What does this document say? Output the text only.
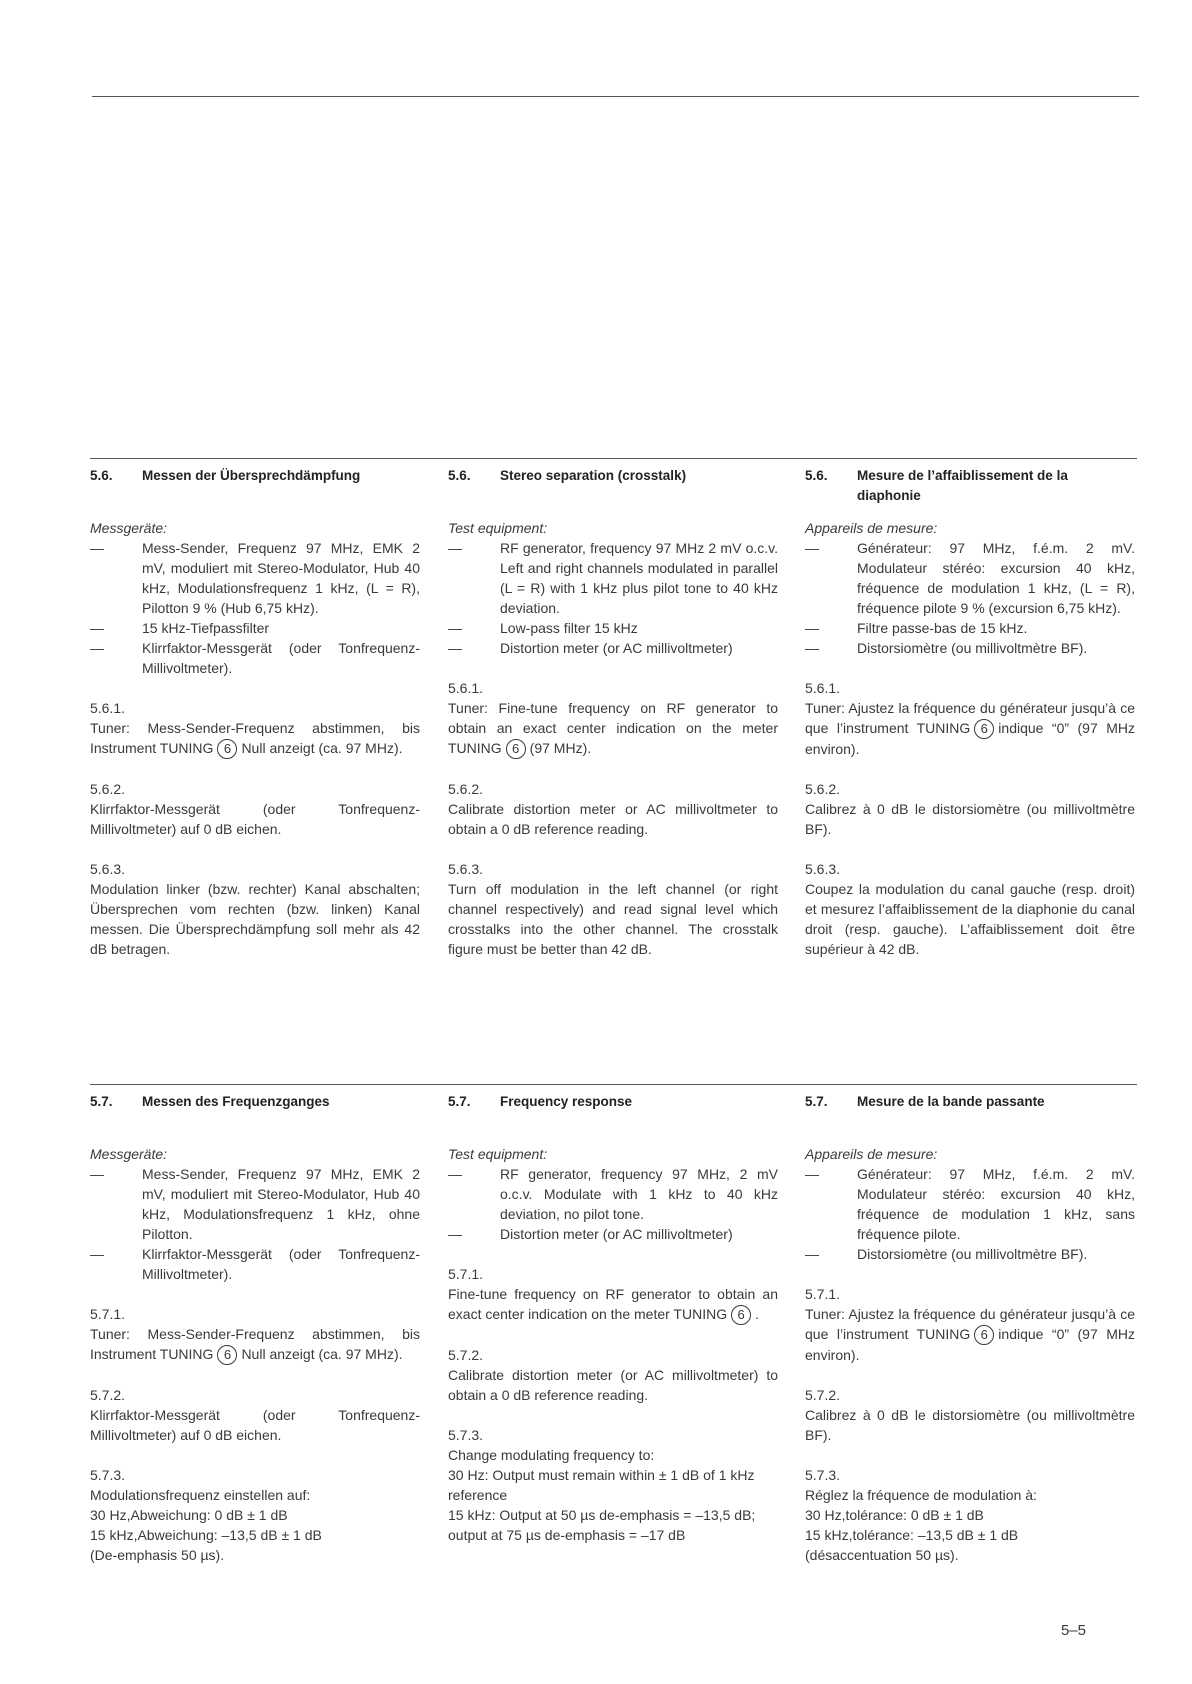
5.6.	Messen der Übersprechdämpfung
Messgeräte:
—	Mess-Sender, Frequenz 97 MHz, EMK 2 mV, moduliert mit Stereo-Modulator, Hub 40 kHz, Modulationsfrequenz 1 kHz, (L = R), Pilotton 9 % (Hub 6,75 kHz).
—	15 kHz-Tiefpassfilter
—	Klirrfaktor-Messgerät (oder Tonfrequenz-Millivoltmeter).
5.6.1.

Tuner: Mess-Sender-Frequenz abstimmen, bis Instrument TUNING 6 Null anzeigt (ca. 97 MHz).

5.6.2.

Klirrfaktor-Messgerät (oder Tonfrequenz-Millivoltmeter) auf 0 dB eichen.

5.6.3.

Modulation linker (bzw. rechter) Kanal abschalten; Übersprechen vom rechten (bzw. linken) Kanal messen. Die Übersprechdämpfung soll mehr als 42 dB betragen.

5.6.	Stereo separation (crosstalk)
Test equipment:
—	RF generator, frequency 97 MHz 2 mV o.c.v. Left and right channels modulated in parallel (L = R) with 1 kHz plus pilot tone to 40 kHz deviation.
—	Low-pass filter 15 kHz
—	Distortion meter (or AC millivoltmeter)
5.6.1.

Tuner: Fine-tune frequency on RF generator to obtain an exact center indication on the meter TUNING 6 (97 MHz).

5.6.2.

Calibrate distortion meter or AC millivoltmeter to obtain a 0 dB reference reading.

5.6.3.

Turn off modulation in the left channel (or right channel respectively) and read signal level which crosstalks into the other channel. The crosstalk figure must be better than 42 dB.

5.6.	Mesure de l’affaiblissement de la diaphonie
Appareils de mesure:
—	Générateur: 97 MHz, f.é.m. 2 mV. Modulateur stéréo: excursion 40 kHz, fréquence de modulation 1 kHz, (L = R), fréquence pilote 9 % (excursion 6,75 kHz).
—	Filtre passe-bas de 15 kHz.
—	Distorsiomètre (ou millivoltmètre BF).
5.6.1.

Tuner: Ajustez la fréquence du générateur jusqu’à ce que l’instrument TUNING 6 indique “0” (97 MHz environ).

5.6.2.

Calibrez à 0 dB le distorsiomètre (ou millivoltmètre BF).

5.6.3.

Coupez la modulation du canal gauche (resp. droit) et mesurez l’affaiblissement de la diaphonie du canal droit (resp. gauche). L’affaiblissement doit être supérieur à 42 dB.

5.7.	Messen des Frequenzganges
Messgeräte:
—	Mess-Sender, Frequenz 97 MHz, EMK 2 mV, moduliert mit Stereo-Modulator, Hub 40 kHz, Modulationsfrequenz 1 kHz, ohne Pilotton.
—	Klirrfaktor-Messgerät (oder Tonfrequenz-Millivoltmeter).
5.7.1.

Tuner: Mess-Sender-Frequenz abstimmen, bis Instrument TUNING 6 Null anzeigt (ca. 97 MHz).

5.7.2.

Klirrfaktor-Messgerät (oder Tonfrequenz-Millivoltmeter) auf 0 dB eichen.

5.7.3.

Modulationsfrequenz einstellen auf:

30 Hz,Abweichung: 0 dB ± 1 dB

15 kHz,Abweichung: –13,5 dB ± 1 dB

(De-emphasis 50 µs).

5.7.	Frequency response
Test equipment:
—	RF generator, frequency 97 MHz, 2 mV o.c.v. Modulate with 1 kHz to 40 kHz deviation, no pilot tone.
—	Distortion meter (or AC millivoltmeter)
5.7.1.

Fine-tune frequency on RF generator to obtain an exact center indication on the meter TUNING 6 .

5.7.2.

Calibrate distortion meter (or AC millivoltmeter) to obtain a 0 dB reference reading.

5.7.3.

Change modulating frequency to:

30 Hz: Output must remain within ± 1 dB of 1 kHz reference

15 kHz: Output at 50 µs de-emphasis = –13,5 dB; output at 75 µs de-emphasis = –17 dB

5.7.	Mesure de la bande passante
Appareils de mesure:
—	Générateur: 97 MHz, f.é.m. 2 mV. Modulateur stéréo: excursion 40 kHz, fréquence de modulation 1 kHz, sans fréquence pilote.
—	Distorsiomètre (ou millivoltmètre BF).
5.7.1.

Tuner: Ajustez la fréquence du générateur jusqu’à ce que l’instrument TUNING 6 indique “0” (97 MHz environ).

5.7.2.

Calibrez à 0 dB le distorsiomètre (ou millivoltmètre BF).

5.7.3.

Réglez la fréquence de modulation à:

30 Hz,tolérance: 0 dB ± 1 dB

15 kHz,tolérance: –13,5 dB ± 1 dB

(désaccentuation 50 µs).

5–5
